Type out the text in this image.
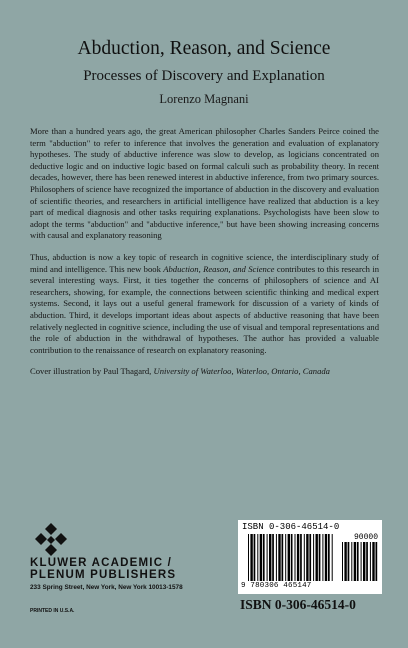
Abduction, Reason, and Science
Processes of Discovery and Explanation
Lorenzo Magnani

More than a hundred years ago, the great American philosopher Charles Sanders Peirce coined the term "abduction" to refer to inference that involves the generation and evaluation of explanatory hypotheses. The study of abductive inference was slow to develop, as logicians concentrated on deductive logic and on inductive logic based on formal calculi such as probability theory. In recent decades, however, there has been renewed interest in abductive inference, from two primary sources. Philosophers of science have recognized the importance of abduction in the discovery and evaluation of scientific theories, and researchers in artificial intelligence have realized that abduction is a key part of medical diagnosis and other tasks requiring explanations. Psychologists have been slow to adopt the terms "abduction" and "abductive inference," but have been showing increasing concerns with causal and explanatory reasoning

Thus, abduction is now a key topic of research in cognitive science, the interdisciplinary study of mind and intelligence. This new book Abduction, Reason, and Science contributes to this research in several interesting ways. First, it ties together the concerns of philosophers of science and AI researchers, showing, for example, the connections between scientific thinking and medical expert systems. Second, it lays out a useful general framework for discussion of a variety of kinds of abduction. Third, it develops important ideas about aspects of abductive reasoning that have been relatively neglected in cognitive science, including the use of visual and temporal representations and the role of abduction in the withdrawal of hypotheses. The author has provided a valuable contribution to the renaissance of research on explanatory reasoning.

Cover illustration by Paul Thagard, University of Waterloo, Waterloo, Ontario, Canada

KLUWER ACADEMIC /
PLENUM PUBLISHERS
233 Spring Street, New York, New York 10013-1578
PRINTED IN U.S.A.
ISBN 0-306-46514-0
90000
9 780306 465147
ISBN 0-306-46514-0
